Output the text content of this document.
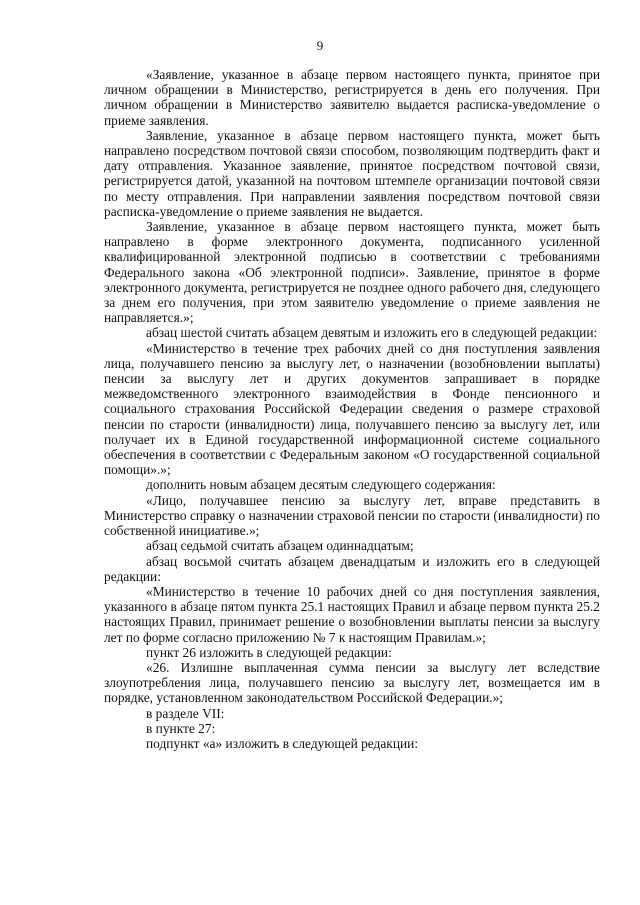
9

«Заявление, указанное в абзаце первом настоящего пункта, принятое при личном обращении в Министерство, регистрируется в день его получения. При личном обращении в Министерство заявителю выдается расписка-уведомление о приеме заявления.

Заявление, указанное в абзаце первом настоящего пункта, может быть направлено посредством почтовой связи способом, позволяющим подтвердить факт и дату отправления. Указанное заявление, принятое посредством почтовой связи, регистрируется датой, указанной на почтовом штемпеле организации почтовой связи по месту отправления. При направлении заявления посредством почтовой связи расписка-уведомление о приеме заявления не выдается.

Заявление, указанное в абзаце первом настоящего пункта, может быть направлено в форме электронного документа, подписанного усиленной квалифицированной электронной подписью в соответствии с требованиями Федерального закона «Об электронной подписи». Заявление, принятое в форме электронного документа, регистрируется не позднее одного рабочего дня, следующего за днем его получения, при этом заявителю уведомление о приеме заявления не направляется.»;

абзац шестой считать абзацем девятым и изложить его в следующей редакции:

«Министерство в течение трех рабочих дней со дня поступления заявления лица, получавшего пенсию за выслугу лет, о назначении (возобновлении выплаты) пенсии за выслугу лет и других документов запрашивает в порядке межведомственного электронного взаимодействия в Фонде пенсионного и социального страхования Российской Федерации сведения о размере страховой пенсии по старости (инвалидности) лица, получавшего пенсию за выслугу лет, или получает их в Единой государственной информационной системе социального обеспечения в соответствии с Федеральным законом «О государственной социальной помощи».»;

дополнить новым абзацем десятым следующего содержания:

«Лицо, получавшее пенсию за выслугу лет, вправе представить в Министерство справку о назначении страховой пенсии по старости (инвалидности) по собственной инициативе.»;

абзац седьмой считать абзацем одиннадцатым;

абзац восьмой считать абзацем двенадцатым и изложить его в следующей редакции:

«Министерство в течение 10 рабочих дней со дня поступления заявления, указанного в абзаце пятом пункта 25.1 настоящих Правил и абзаце первом пункта 25.2 настоящих Правил, принимает решение о возобновлении выплаты пенсии за выслугу лет по форме согласно приложению № 7 к настоящим Правилам.»;

пункт 26 изложить в следующей редакции:

«26. Излишне выплаченная сумма пенсии за выслугу лет вследствие злоупотребления лица, получавшего пенсию за выслугу лет, возмещается им в порядке, установленном законодательством Российской Федерации.»;

в разделе VII:

в пункте 27:

подпункт «а» изложить в следующей редакции:
